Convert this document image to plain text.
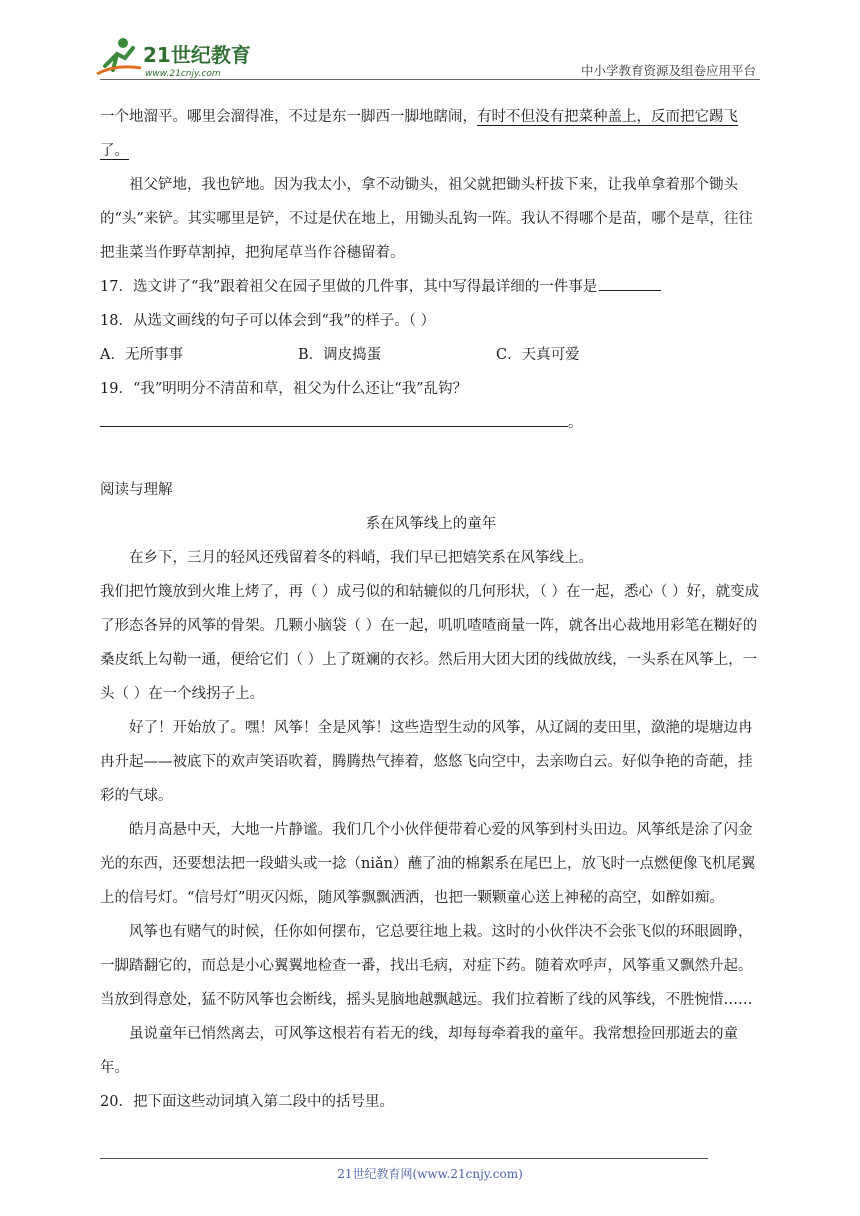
21世纪教育
www.21cnjy.com	中小学教育资源及组卷应用平台

一个地溜平。哪里会溜得准，不过是东一脚西一脚地瞎闹，有时不但没有把菜种盖上，反而把它踢飞了。

祖父铲地，我也铲地。因为我太小，拿不动锄头，祖父就把锄头杆拔下来，让我单拿着那个锄头的“头”来铲。其实哪里是铲，不过是伏在地上，用锄头乱钩一阵。我认不得哪个是苗，哪个是草，往往把韭菜当作野草割掉，把狗尾草当作谷穗留着。

17．选文讲了“我”跟着祖父在园子里做的几件事，其中写得最详细的一件事是

18．从选文画线的句子可以体会到“我”的样子。（ ）

A．无所事事	B．调皮捣蛋	C．天真可爱

19．“我”明明分不清苗和草，祖父为什么还让“我”乱钩？

。

阅读与理解

系在风筝线上的童年

在乡下，三月的轻风还残留着冬的料峭，我们早已把嬉笑系在风筝线上。

我们把竹篾放到火堆上烤了，再（ ）成弓似的和轱辘似的几何形状，（ ）在一起，悉心（ ）好，就变成了形态各异的风筝的骨架。几颗小脑袋（ ）在一起，叽叽喳喳商量一阵，就各出心裁地用彩笔在糊好的桑皮纸上勾勒一通，便给它们（ ）上了斑斓的衣衫。然后用大团大团的线做放线，一头系在风筝上，一头（ ）在一个线拐子上。

好了！开始放了。嘿！风筝！全是风筝！这些造型生动的风筝，从辽阔的麦田里，潋滟的堤塘边冉冉升起——被底下的欢声笑语吹着，腾腾热气捧着，悠悠飞向空中，去亲吻白云。好似争艳的奇葩，挂彩的气球。

皓月高悬中天，大地一片静谧。我们几个小伙伴便带着心爱的风筝到村头田边。风筝纸是涂了闪金光的东西，还要想法把一段蜡头或一捻（niǎn）蘸了油的棉絮系在尾巴上，放飞时一点燃便像飞机尾翼上的信号灯。“信号灯”明灭闪烁，随风筝飘飘洒洒，也把一颗颗童心送上神秘的高空，如醉如痴。

风筝也有赌气的时候，任你如何摆布，它总要往地上栽。这时的小伙伴决不会张飞似的环眼圆睁，一脚踏翻它的，而总是小心翼翼地检查一番，找出毛病，对症下药。随着欢呼声，风筝重又飘然升起。当放到得意处，猛不防风筝也会断线，摇头晃脑地越飘越远。我们拉着断了线的风筝线，不胜惋惜……

虽说童年已悄然离去，可风筝这根若有若无的线，却每每牵着我的童年。我常想捡回那逝去的童年。

20．把下面这些动词填入第二段中的括号里。

21世纪教育网(www.21cnjy.com)
